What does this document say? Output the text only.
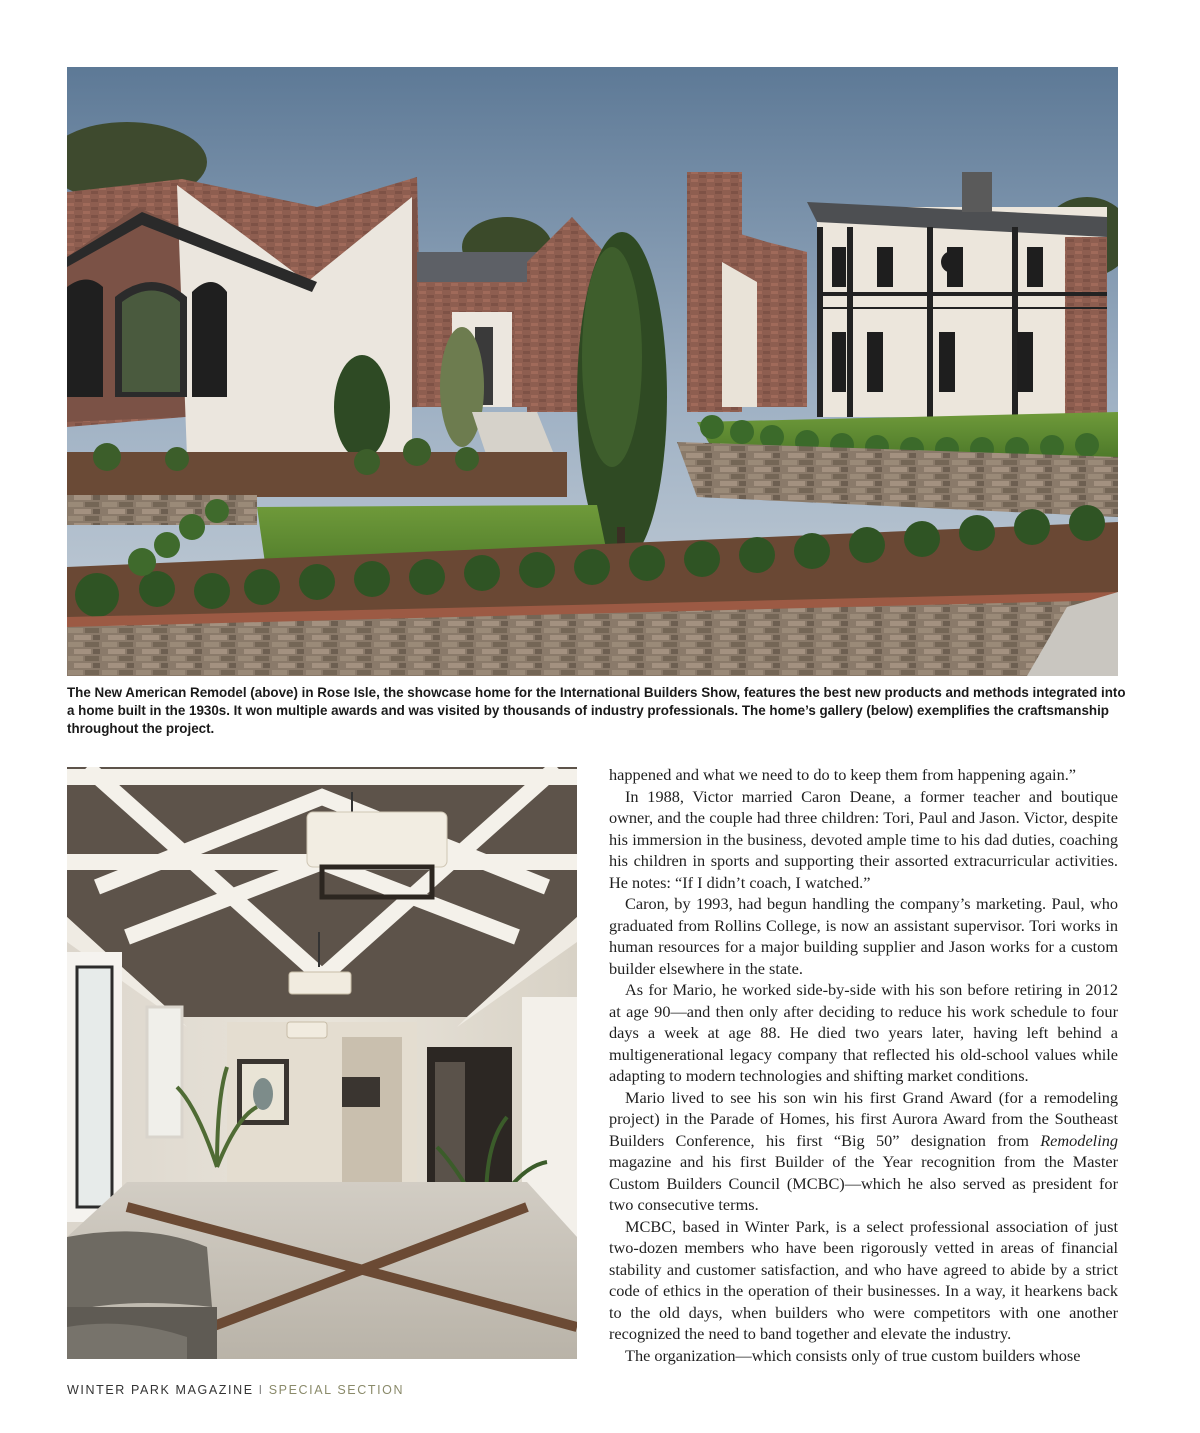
The New American Remodel (above) in Rose Isle, the showcase home for the International Builders Show, features the best new products and methods integrated into a home built in the 1930s. It won multiple awards and was visited by thousands of industry professionals. The home’s gallery (below) exemplifies the craftsmanship throughout the project.

happened and what we need to do to keep them from happening again.”

In 1988, Victor married Caron Deane, a former teacher and boutique owner, and the couple had three children: Tori, Paul and Jason. Victor, despite his immersion in the business, devoted ample time to his dad duties, coaching his children in sports and supporting their assorted extracurricular activities. He notes: “If I didn’t coach, I watched.”

Caron, by 1993, had begun handling the company’s marketing. Paul, who graduated from Rollins College, is now an assistant supervisor. Tori works in human resources for a major building supplier and Jason works for a custom builder elsewhere in the state.

As for Mario, he worked side-by-side with his son before retiring in 2012 at age 90—and then only after deciding to reduce his work schedule to four days a week at age 88. He died two years later, having left behind a multigenerational legacy company that reflected his old-school values while adapting to modern technologies and shifting market conditions.

Mario lived to see his son win his first Grand Award (for a remodeling project) in the Parade of Homes, his first Aurora Award from the Southeast Builders Conference, his first “Big 50” designation from Remodeling magazine and his first Builder of the Year recognition from the Master Custom Builders Council (MCBC)—which he also served as president for two consecutive terms.

MCBC, based in Winter Park, is a select professional association of just two-dozen members who have been rigorously vetted in areas of financial stability and customer satisfaction, and who have agreed to abide by a strict code of ethics in the operation of their businesses. In a way, it hearkens back to the old days, when builders who were competitors with one another recognized the need to band together and elevate the industry.

The organization—which consists only of true custom builders whose

WINTER PARK MAGAZINE I SPECIAL SECTION
